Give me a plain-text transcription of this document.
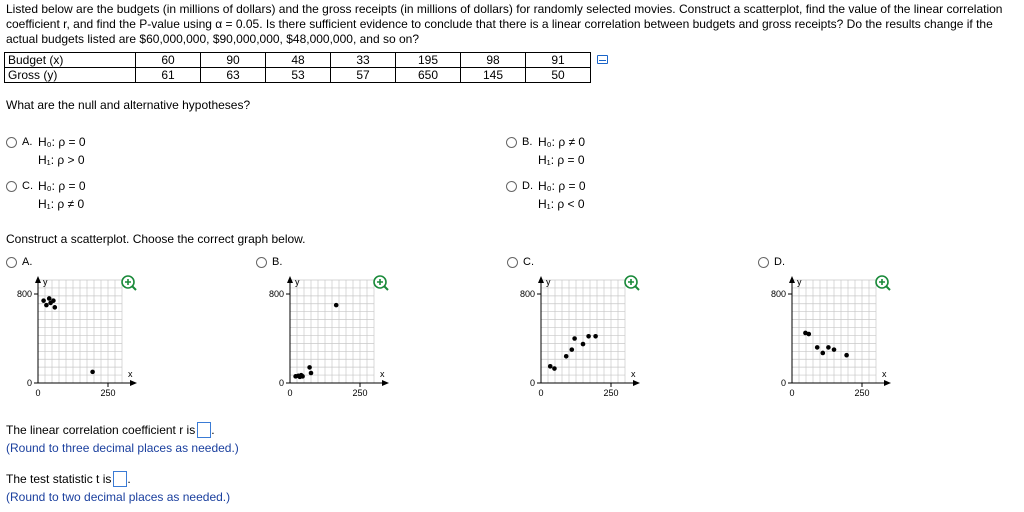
Listed below are the budgets (in millions of dollars) and the gross receipts (in millions of dollars) for randomly selected movies. Construct a scatterplot, find the value of the linear correlation coefficient r, and find the P-value using α = 0.05. Is there sufficient evidence to conclude that there is a linear correlation between budgets and gross receipts? Do the results change if the actual budgets listed are $60,000,000, $90,000,000, $48,000,000, and so on?
Budget (x)	60	90	48	33	195	98	91
Gross (y)	61	63	53	57	650	145	50
What are the null and alternative hypotheses?
A. H₀: ρ = 0
H₁: ρ > 0
B. H₀: ρ ≠ 0
H₁: ρ = 0
C. H₀: ρ = 0
H₁: ρ ≠ 0
D. H₀: ρ = 0
H₁: ρ < 0
Construct a scatterplot. Choose the correct graph below.
A.	B.	C.	D.
y
800
0
0	250
x
y
800
0
0	250
x
y
800
0
0	250
x
y
800
0
0	250
x
The linear correlation coefficient r is .
(Round to three decimal places as needed.)
The test statistic t is .
(Round to two decimal places as needed.)
